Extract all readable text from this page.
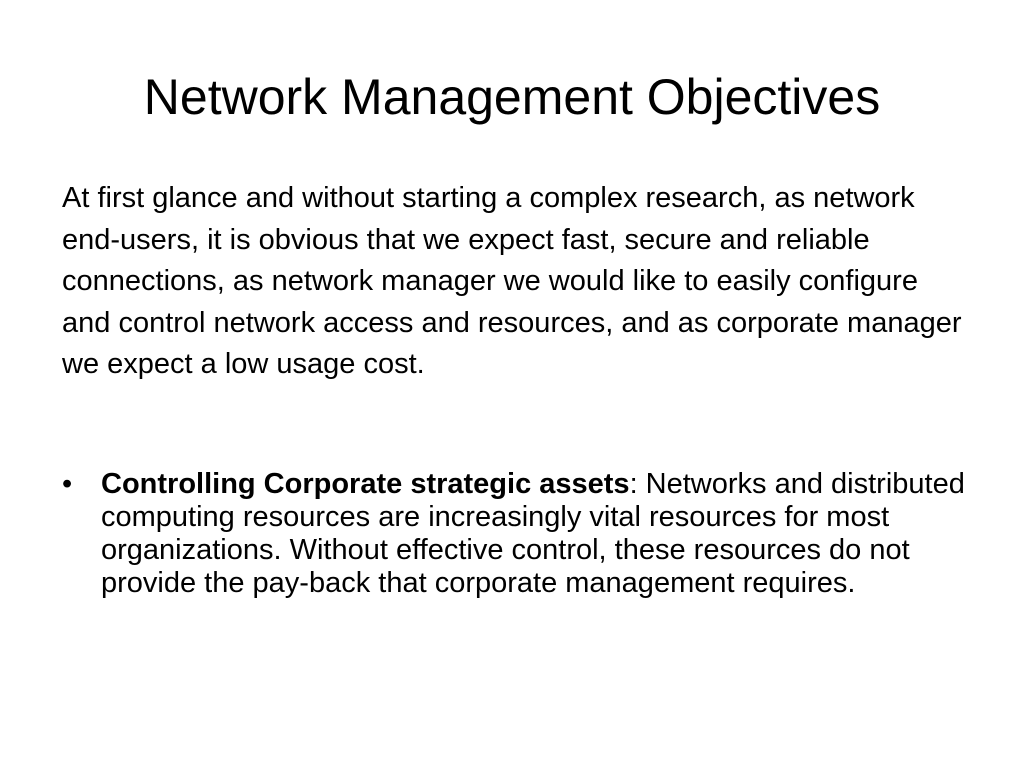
Network Management Objectives

At first glance and without starting a complex research, as network end-users, it is obvious that we expect fast, secure and reliable connections, as network manager we would like to easily configure and control network access and resources, and as corporate manager we expect a low usage cost.

• Controlling Corporate strategic assets: Networks and distributed computing resources are increasingly vital resources for most organizations. Without effective control, these resources do not provide the pay-back that corporate management requires.
